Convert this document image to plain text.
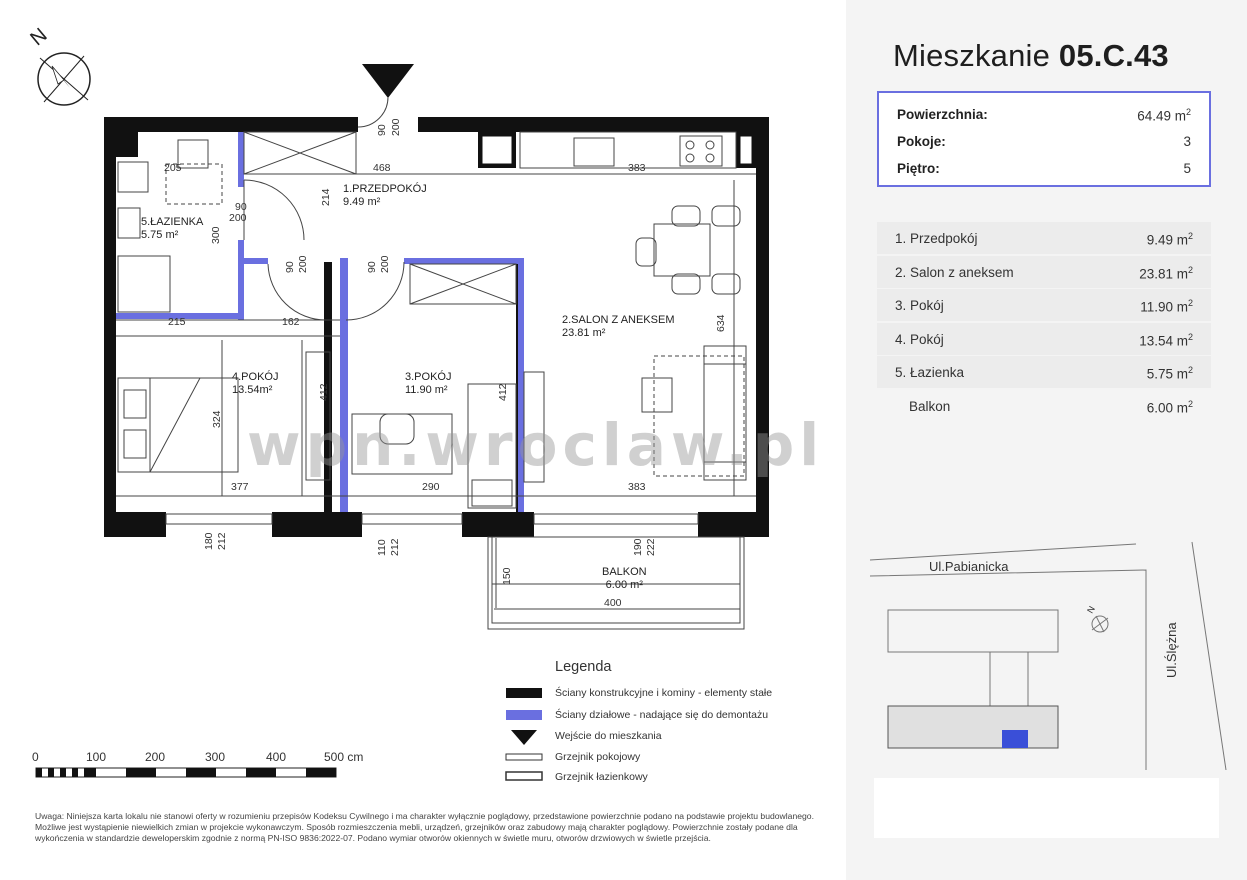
N
1.PRZEDPOKÓJ
9.49 m²
2.SALON Z ANEKSEM
23.81 m²
3.POKÓJ
11.90 m²
4.POKÓJ
13.54m²
5.ŁAZIENKA
5.75 m²
BALKON
6.00 m²
90 200
468	383
205
214
90
200
300
90 200	90 200
215	162	634
324
412	412
377	290	383
180 212	110 212	190 222
150
400
wpn.wroclaw.pl
Legenda
Ściany konstrukcyjne i kominy - elementy stałe
Ściany działowe - nadające się do demontażu
Wejście do mieszkania
Grzejnik pokojowy
Grzejnik łazienkowy
0	100	200	300	400	500 cm
Uwaga: Niniejsza karta lokalu nie stanowi oferty w rozumieniu przepisów Kodeksu Cywilnego i ma charakter wyłącznie poglądowy, przedstawione powierzchnie podano na podstawie projektu budowlanego. Możliwe jest wystąpienie niewielkich zmian w projekcie wykonawczym. Sposób rozmieszczenia mebli, urządzeń, grzejników oraz zabudowy mają charakter poglądowy. Powierzchnie zostały podane dla wykończenia w standardzie deweloperskim zgodnie z normą PN-ISO 9836:2022-07. Podano wymiar otworów okiennych w świetle muru, otworów drzwiowych w świetle przejścia.
Mieszkanie 05.C.43
Powierzchnia:	64.49 $m^2$
Pokoje:	3
Piętro:	5
1. Przedpokój	9.49 $m^2$
2. Salon z aneksem	23.81 $m^2$
3. Pokój	11.90 $m^2$
4. Pokój	13.54 $m^2$
5. Łazienka	5.75 $m^2$
Balkon	6.00 $m^2$
Ul.Pabianicka
Ul.Ślężna
N
